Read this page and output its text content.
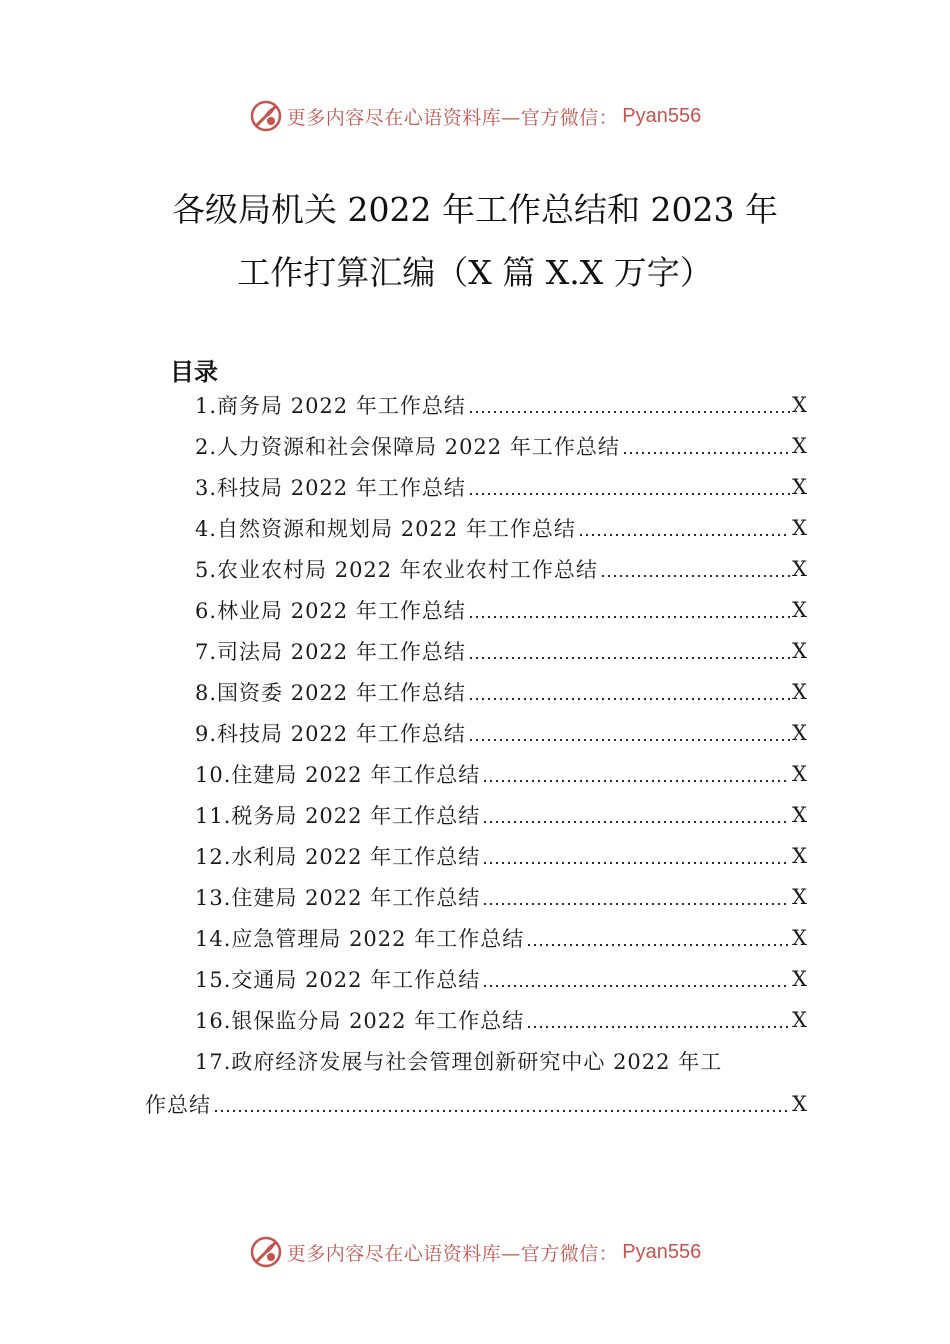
更多内容尽在心语资料库—官方微信： Pyan556
各级局机关 2022 年工作总结和 2023 年
工作打算汇编（X 篇 X.X 万字）
目录
1.商务局 2022 年工作总结	X
2.人力资源和社会保障局 2022 年工作总结	X
3.科技局 2022 年工作总结	X
4.自然资源和规划局 2022 年工作总结	X
5.农业农村局 2022 年农业农村工作总结	X
6.林业局 2022 年工作总结	X
7.司法局 2022 年工作总结	X
8.国资委 2022 年工作总结	X
9.科技局 2022 年工作总结	X
10.住建局 2022 年工作总结	X
11.税务局 2022 年工作总结	X
12.水利局 2022 年工作总结	X
13.住建局 2022 年工作总结	X
14.应急管理局 2022 年工作总结	X
15.交通局 2022 年工作总结	X
16.银保监分局 2022 年工作总结	X
17.政府经济发展与社会管理创新研究中心 2022 年工
作总结	X
更多内容尽在心语资料库—官方微信： Pyan556
